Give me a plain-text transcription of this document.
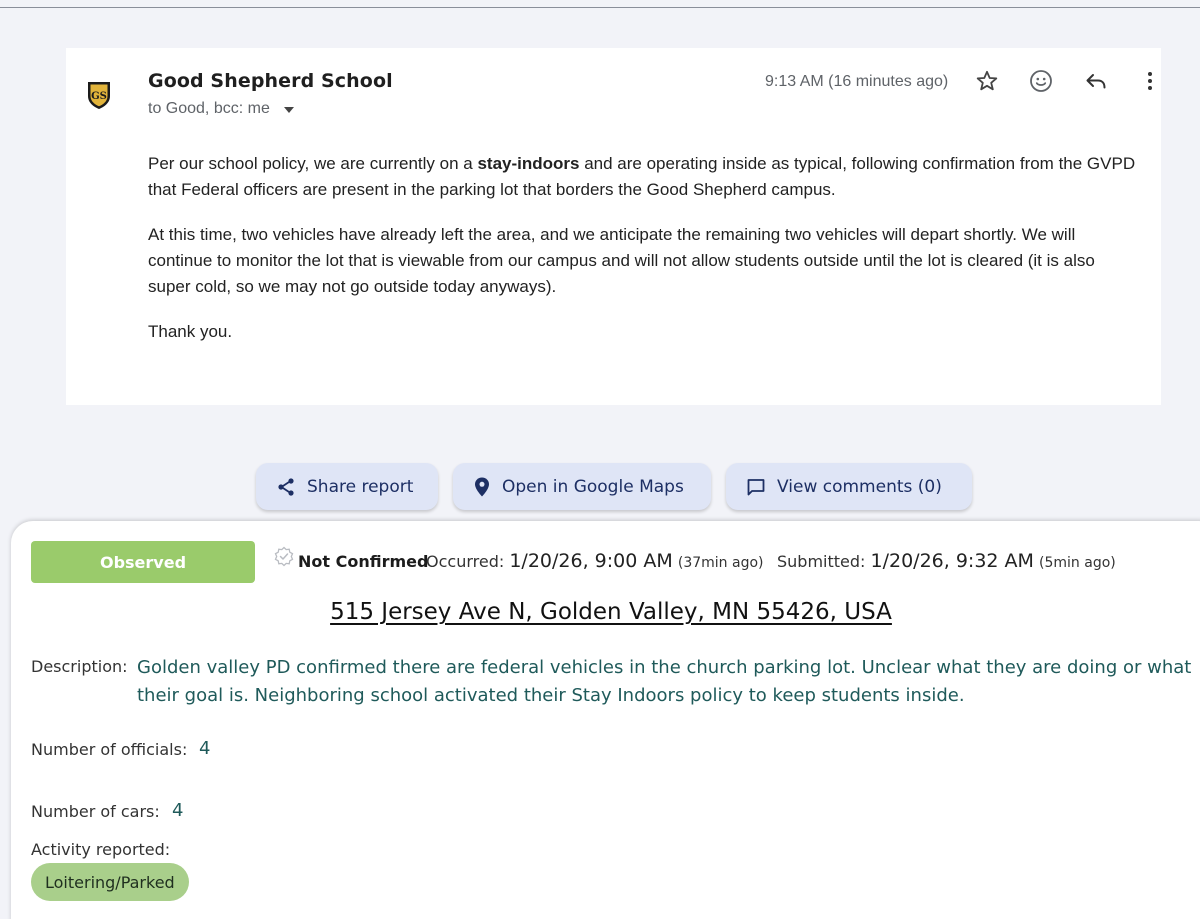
GS
Good Shepherd School
to Good, bcc: me
9:13 AM (16 minutes ago)

Per our school policy, we are currently on a stay-indoors and are operating inside as typical, following confirmation from the GVPD that Federal officers are present in the parking lot that borders the Good Shepherd campus.

At this time, two vehicles have already left the area, and we anticipate the remaining two vehicles will depart shortly. We will continue to monitor the lot that is viewable from our campus and will not allow students outside until the lot is cleared (it is also super cold, so we may not go outside today anyways).

Thank you.

Share report	Open in Google Maps	View comments (0)
Observed	Not Confirmed
Occurred: 1/20/26, 9:00 AM (37min ago) Submitted: 1/20/26, 9:32 AM (5min ago)
515 Jersey Ave N, Golden Valley, MN 55426, USA
Description: Golden valley PD confirmed there are federal vehicles in the church parking lot. Unclear what they are doing or what their goal is. Neighboring school activated their Stay Indoors policy to keep students inside.
Number of officials: 4
Number of cars: 4
Activity reported:
Loitering/Parked
